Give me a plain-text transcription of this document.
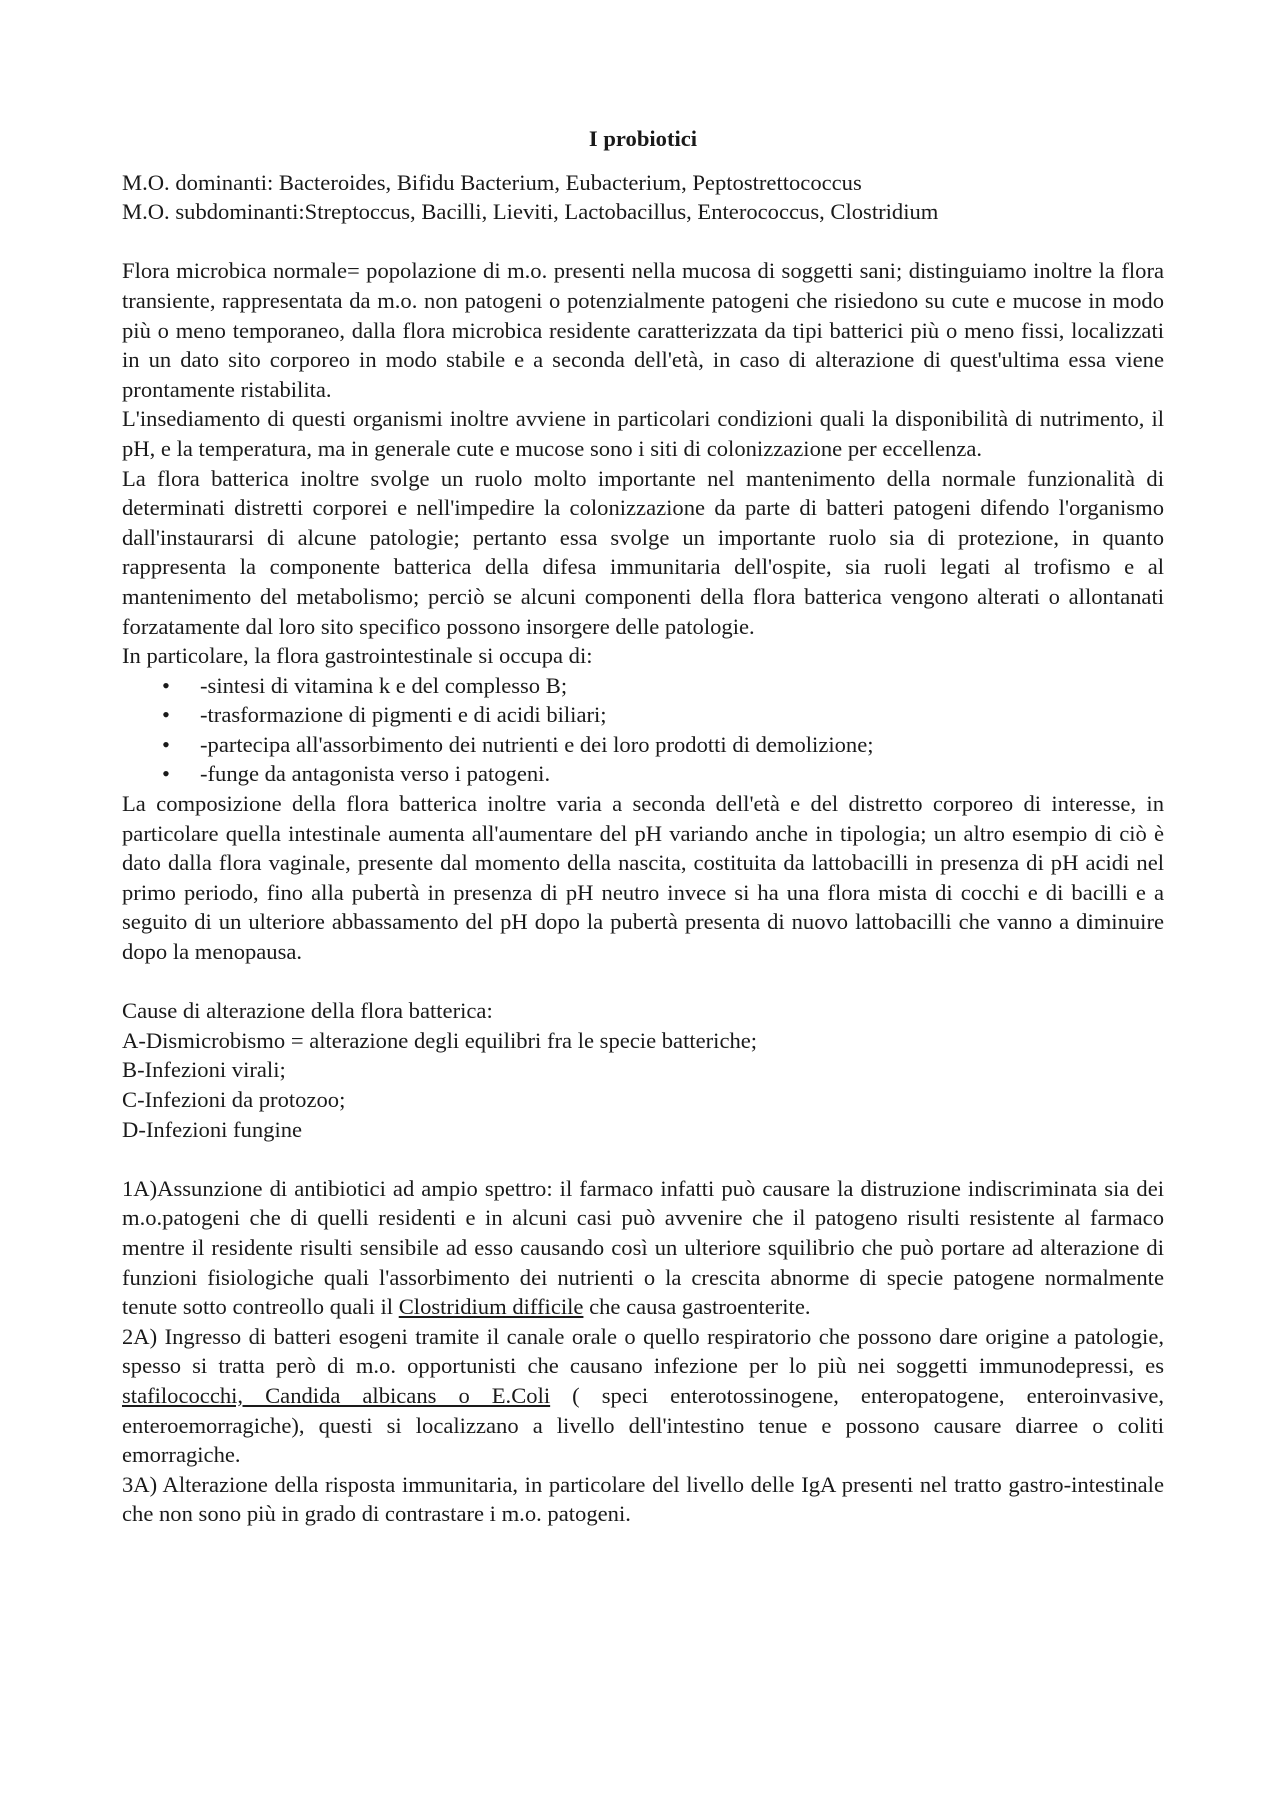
I probiotici

M.O. dominanti: Bacteroides, Bifidu Bacterium, Eubacterium, Peptostrettococcus

M.O. subdominanti:Streptoccus, Bacilli, Lieviti, Lactobacillus, Enterococcus, Clostridium

Flora microbica normale= popolazione di m.o. presenti nella mucosa di soggetti sani; distinguiamo inoltre la flora transiente, rappresentata da m.o. non patogeni o potenzialmente patogeni che risiedono su cute e mucose in modo più o meno temporaneo, dalla flora microbica residente caratterizzata da tipi batterici più o meno fissi, localizzati in un dato sito corporeo in modo stabile e a seconda dell'età, in caso di alterazione di quest'ultima essa viene prontamente ristabilita.

L'insediamento di questi organismi inoltre avviene in particolari condizioni quali la disponibilità di nutrimento, il pH, e la temperatura, ma in generale cute e mucose sono i siti di colonizzazione per eccellenza.

La flora batterica inoltre svolge un ruolo molto importante nel mantenimento della normale funzionalità di determinati distretti corporei e nell'impedire la colonizzazione da parte di batteri patogeni difendo l'organismo dall'instaurarsi di alcune patologie; pertanto essa svolge un importante ruolo sia di protezione, in quanto rappresenta la componente batterica della difesa immunitaria dell'ospite, sia ruoli legati al trofismo e al mantenimento del metabolismo; perciò se alcuni componenti della flora batterica vengono alterati o allontanati forzatamente dal loro sito specifico possono insorgere delle patologie.

In particolare, la flora gastrointestinale si occupa di:

• -sintesi di vitamina k e del complesso B;
• -trasformazione di pigmenti e di acidi biliari;
• -partecipa all'assorbimento dei nutrienti e dei loro prodotti di demolizione;
• -funge da antagonista verso i patogeni.

La composizione della flora batterica inoltre varia a seconda dell'età e del distretto corporeo di interesse, in particolare quella intestinale aumenta all'aumentare del pH variando anche in tipologia; un altro esempio di ciò è dato dalla flora vaginale, presente dal momento della nascita, costituita da lattobacilli in presenza di pH acidi nel primo periodo, fino alla pubertà in presenza di pH neutro invece si ha una flora mista di cocchi e di bacilli e a seguito di un ulteriore abbassamento del pH dopo la pubertà presenta di nuovo lattobacilli che vanno a diminuire dopo la menopausa.

Cause di alterazione della flora batterica:

A-Dismicrobismo = alterazione degli equilibri fra le specie batteriche;

B-Infezioni virali;

C-Infezioni da protozoo;

D-Infezioni fungine

1A)Assunzione di antibiotici ad ampio spettro: il farmaco infatti può causare la distruzione indiscriminata sia dei m.o.patogeni che di quelli residenti e in alcuni casi può avvenire che il patogeno risulti resistente al farmaco mentre il residente risulti sensibile ad esso causando così un ulteriore squilibrio che può portare ad alterazione di funzioni fisiologiche quali l'assorbimento dei nutrienti o la crescita abnorme di specie patogene normalmente tenute sotto contreollo quali il Clostridium difficile che causa gastroenterite.

2A) Ingresso di batteri esogeni tramite il canale orale o quello respiratorio che possono dare origine a patologie, spesso si tratta però di m.o. opportunisti che causano infezione per lo più nei soggetti immunodepressi, es stafilococchi, Candida albicans o E.Coli ( speci enterotossinogene, enteropatogene, enteroinvasive, enteroemorragiche), questi si localizzano a livello dell'intestino tenue e possono causare diarree o coliti emorragiche.

3A) Alterazione della risposta immunitaria, in particolare del livello delle IgA presenti nel tratto gastro-intestinale che non sono più in grado di contrastare i m.o. patogeni.
